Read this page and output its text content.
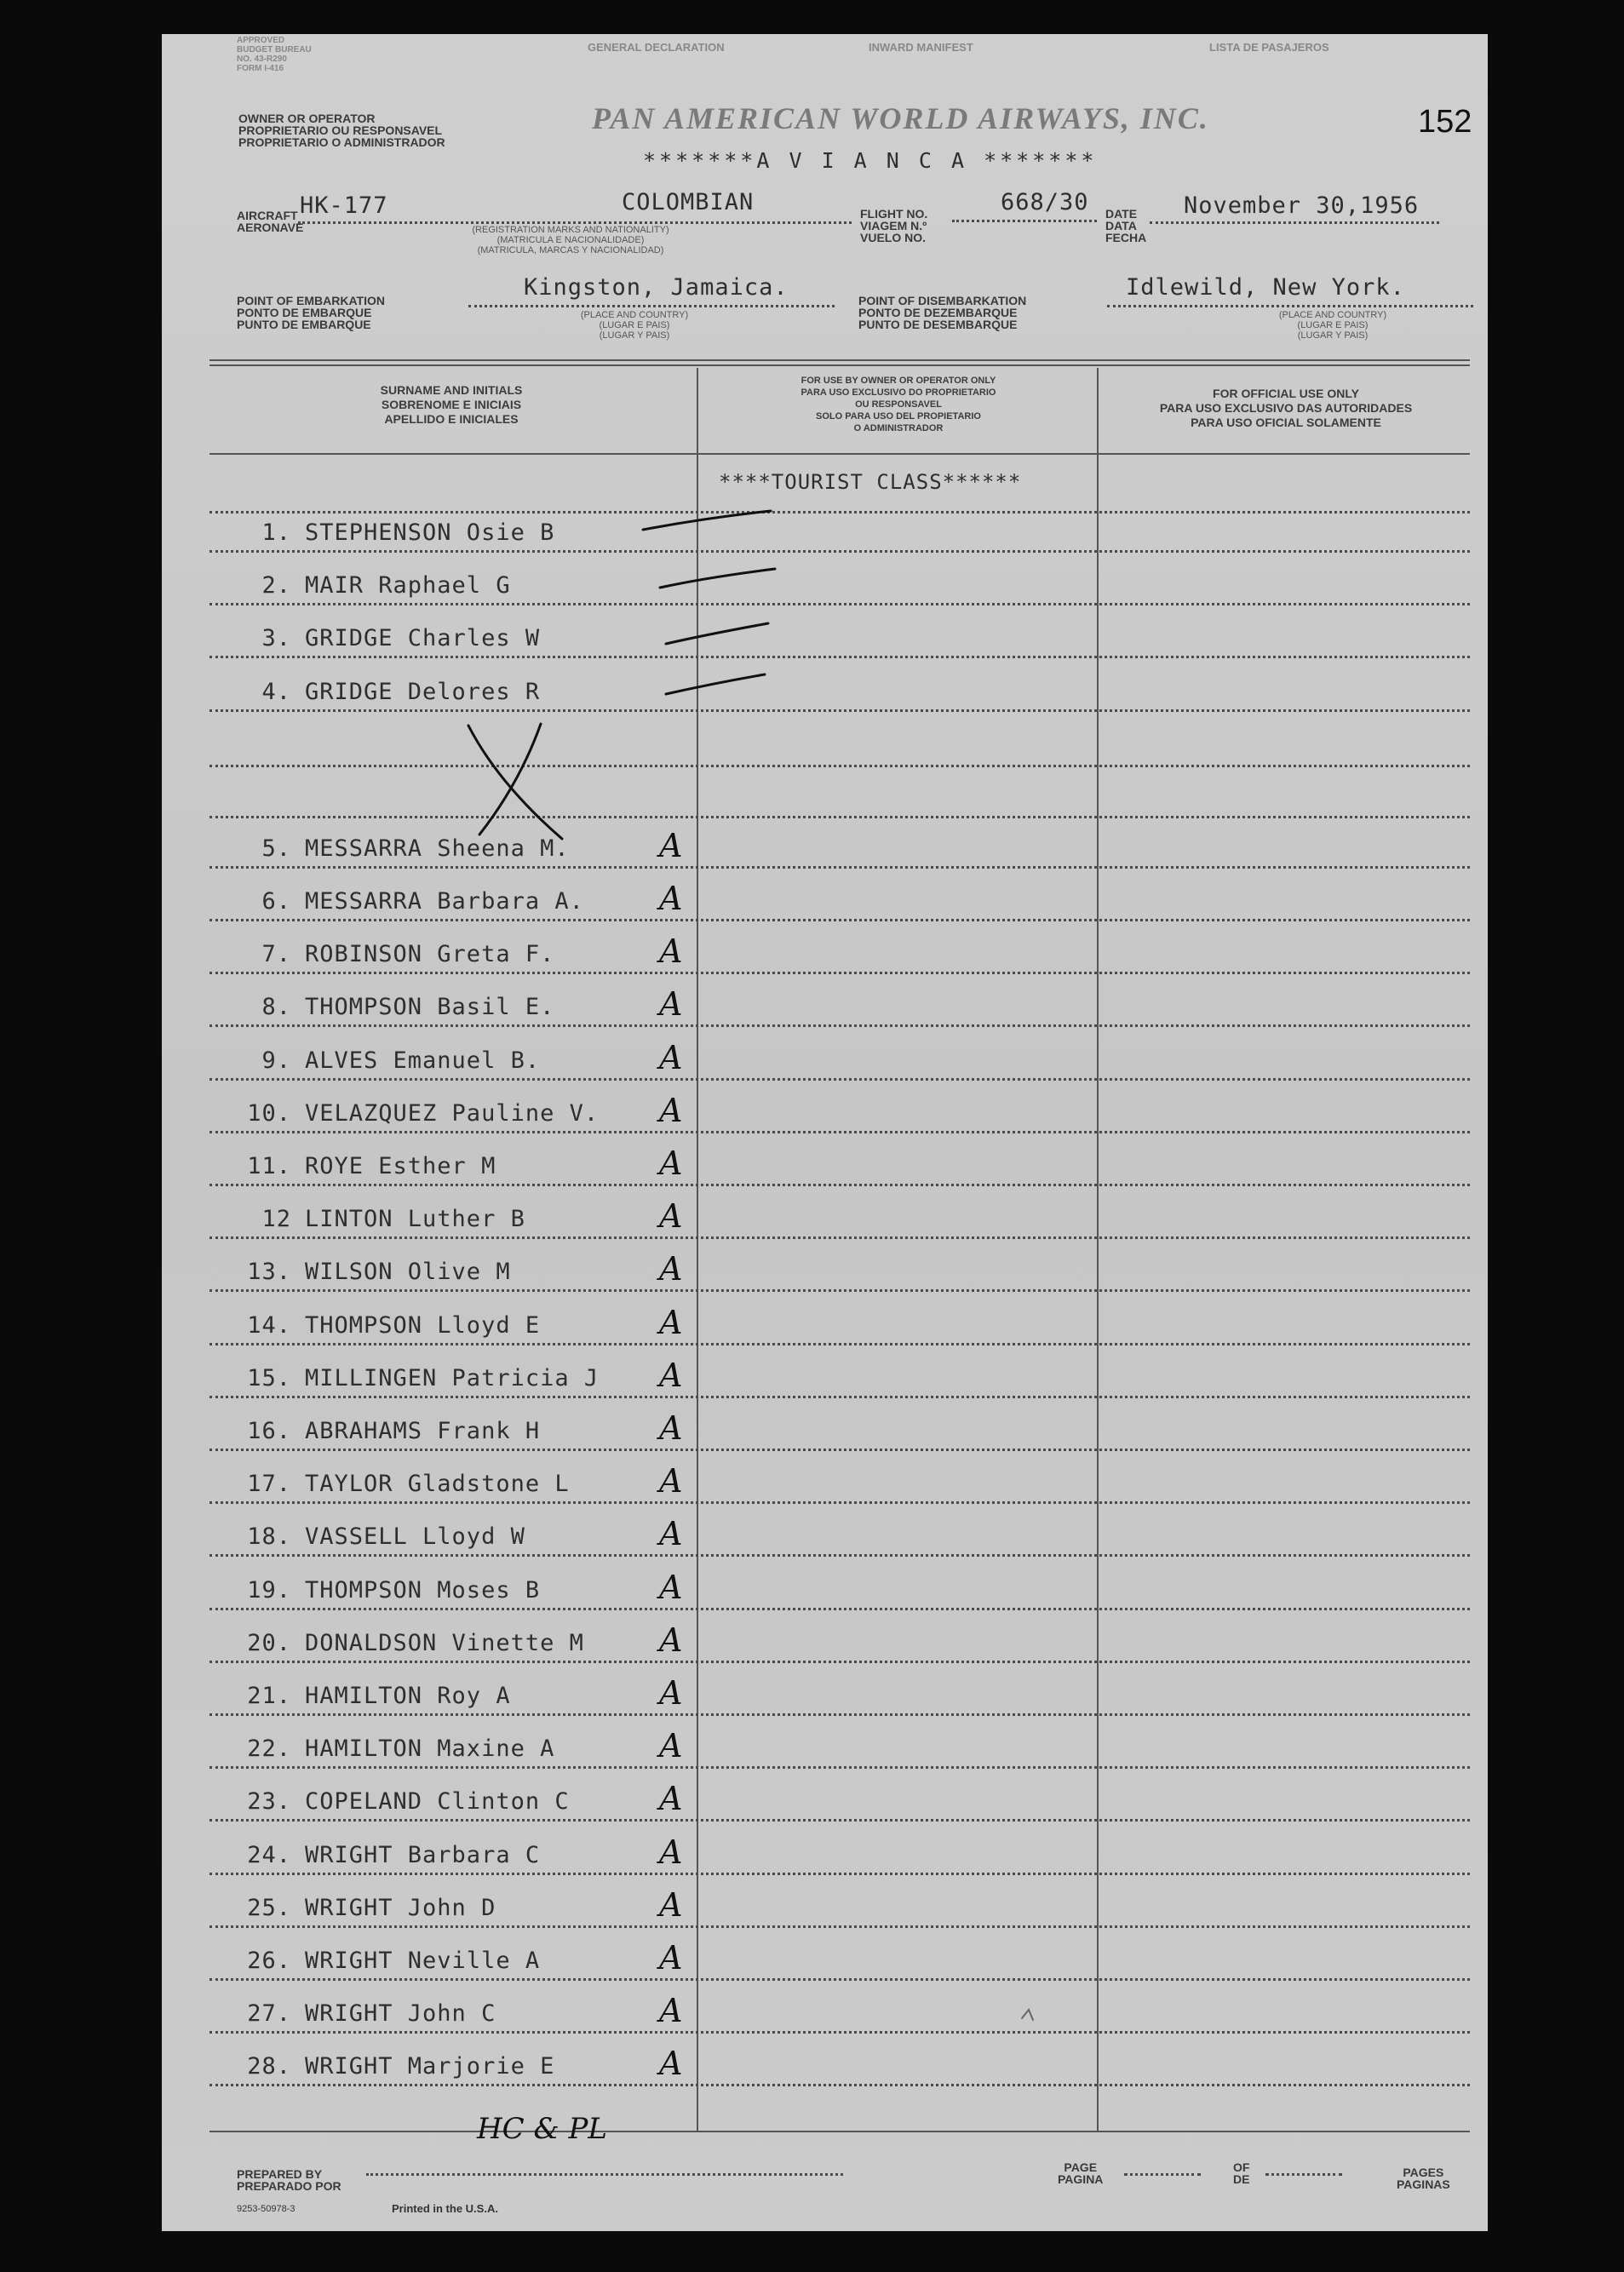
APPROVED
BUDGET BUREAU
NO. 43-R290
FORM I-416
GENERAL DECLARATION	INWARD MANIFEST	LISTA DE PASAJEROS
OWNER OR OPERATOR
PROPRIETARIO OU RESPONSAVEL
PROPRIETARIO O ADMINISTRADOR
PAN AMERICAN WORLD AIRWAYS, INC.	152
*******A V I A N C A *******
AIRCRAFT
AERONAVE
HK-177	COLOMBIAN
(REGISTRATION MARKS AND NATIONALITY)
(MATRICULA E NACIONALIDADE)
(MATRICULA, MARCAS Y NACIONALIDAD)
FLIGHT NO.
VIAGEM N.º
VUELO NO.
668/30 DATE
DATA
FECHA
November 30,1956
POINT OF EMBARKATION
PONTO DE EMBARQUE
PUNTO DE EMBARQUE
Kingston, Jamaica.
(PLACE AND COUNTRY)
(LUGAR E PAIS)
(LUGAR Y PAIS)
POINT OF DISEMBARKATION
PONTO DE DEZEMBARQUE
PUNTO DE DESEMBARQUE
Idlewild, New York.
(PLACE AND COUNTRY)
(LUGAR E PAIS)
(LUGAR Y PAIS)
SURNAME AND INITIALS
SOBRENOME E INICIAIS
APELLIDO E INICIALES
FOR USE BY OWNER OR OPERATOR ONLY
PARA USO EXCLUSIVO DO PROPRIETARIO
OU RESPONSAVEL
SOLO PARA USO DEL PROPIETARIO
O ADMINISTRADOR
FOR OFFICIAL USE ONLY
PARA USO EXCLUSIVO DAS AUTORIDADES
PARA USO OFICIAL SOLAMENTE
****TOURIST CLASS******
1. STEPHENSON Osie B
2. MAIR Raphael G
3. GRIDGE Charles W
4. GRIDGE Delores R
5. MESSARRA Sheena M.	A
6. MESSARRA Barbara A. A
7. ROBINSON Greta F.	A
8. THOMPSON Basil E.	A
9. ALVES Emanuel B.	A
10. VELAZQUEZ Pauline V. A
11. ROYE Esther M	A
12 LINTON Luther B	A
13. WILSON Olive M	A
14. THOMPSON Lloyd E	A
15. MILLINGEN Patricia J A
16. ABRAHAMS Frank H	A
17. TAYLOR Gladstone L	A
18. VASSELL Lloyd W	A
19. THOMPSON Moses B	A
20. DONALDSON Vinette M A
21. HAMILTON Roy A	A
22. HAMILTON Maxine A	A
23. COPELAND Clinton C	A
24. WRIGHT Barbara C	A
25. WRIGHT John D	A
26. WRIGHT Neville A	A
27. WRIGHT John C	A
28. WRIGHT Marjorie E	A
PREPARED BY
PREPARADO POR
HC & PL
9253-50978-3	Printed in the U.S.A.
PAGE
PAGINA
OF
DE	PAGES
PAGINAS
